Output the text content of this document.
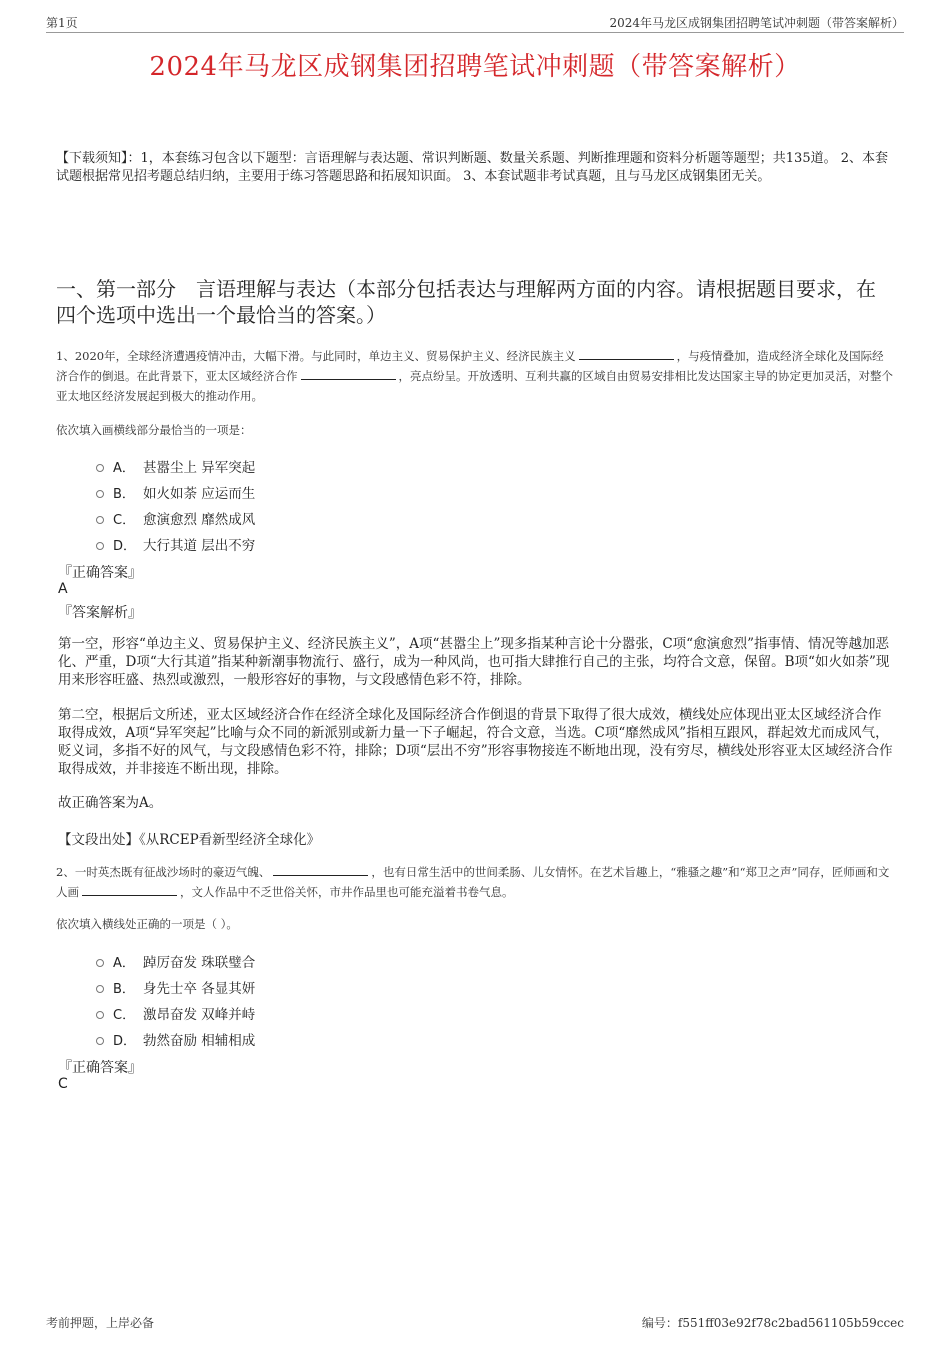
第1页	2024年马龙区成钢集团招聘笔试冲刺题（带答案解析）
2024年马龙区成钢集团招聘笔试冲刺题（带答案解析）
【下载须知】：1，本套练习包含以下题型：言语理解与表达题、常识判断题、数量关系题、判断推理题和资料分析题等题型；共135道。 2、本套试题根据常见招考题总结归纳，主要用于练习答题思路和拓展知识面。 3、本套试题非考试真题，且与马龙区成钢集团无关。
一、第一部分　言语理解与表达（本部分包括表达与理解两方面的内容。请根据题目要求，在四个选项中选出一个最恰当的答案。）
1、2020年，全球经济遭遇疫情冲击，大幅下滑。与此同时，单边主义、贸易保护主义、经济民族主义	，与疫情叠加，造成经济全球化及国际经济合作的倒退。在此背景下，亚太区域经济合作	，亮点纷呈。开放透明、互利共赢的区域自由贸易安排相比发达国家主导的协定更加灵活，对整个亚太地区经济发展起到极大的推动作用。
依次填入画横线部分最恰当的一项是：
A． 甚嚣尘上 异军突起
B． 如火如荼 应运而生
C． 愈演愈烈 靡然成风
D． 大行其道 层出不穷
『正确答案』
A
『答案解析』
第一空，形容“单边主义、贸易保护主义、经济民族主义”，A项“甚嚣尘上”现多指某种言论十分嚣张，C项“愈演愈烈”指事情、情况等越加恶化、严重，D项“大行其道”指某种新潮事物流行、盛行，成为一种风尚，也可指大肆推行自己的主张，均符合文意，保留。B项“如火如荼”现用来形容旺盛、热烈或激烈，一般形容好的事物，与文段感情色彩不符，排除。
第二空，根据后文所述，亚太区域经济合作在经济全球化及国际经济合作倒退的背景下取得了很大成效，横线处应体现出亚太区域经济合作取得成效，A项“异军突起”比喻与众不同的新派别或新力量一下子崛起，符合文意，当选。C项“靡然成风”指相互跟风，群起效尤而成风气，贬义词，多指不好的风气，与文段感情色彩不符，排除；D项“层出不穷”形容事物接连不断地出现，没有穷尽，横线处形容亚太区域经济合作取得成效，并非接连不断出现，排除。
故正确答案为A。
【文段出处】《从RCEP看新型经济全球化》
2、一时英杰既有征战沙场时的豪迈气魄、	，也有日常生活中的世间柔肠、儿女情怀。在艺术旨趣上，“雅骚之趣”和“郑卫之声”同存，匠师画和文人画	，文人作品中不乏世俗关怀，市井作品里也可能充溢着书卷气息。
依次填入横线处正确的一项是（ ）。
A． 踔厉奋发 珠联璧合
B． 身先士卒 各显其妍
C． 激昂奋发 双峰并峙
D． 勃然奋励 相辅相成
『正确答案』
C
考前押题，上岸必备	编号：f551ff03e92f78c2bad561105b59ccec
